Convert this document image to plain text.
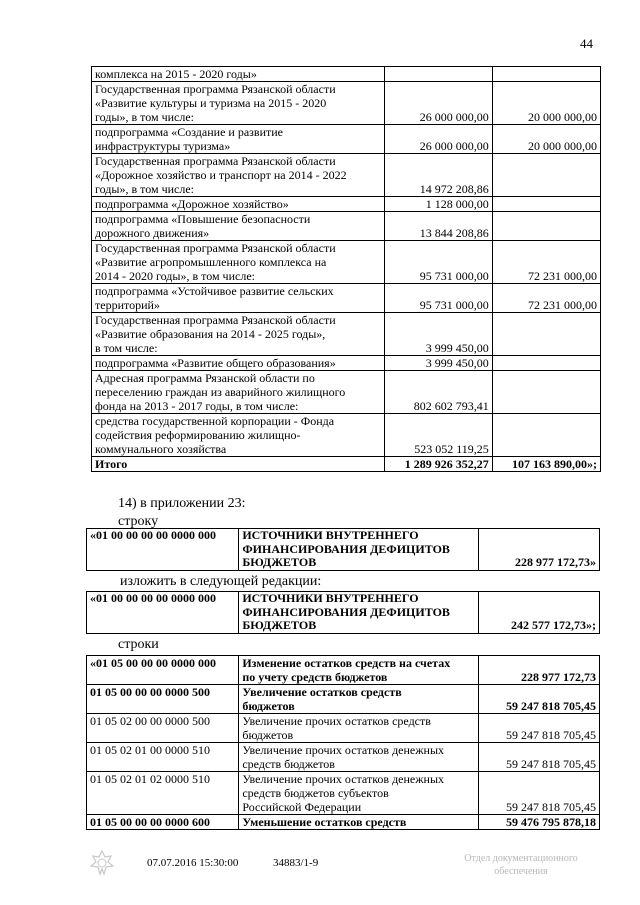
44
комплекса на 2015 - 2020 годы»		

Государственная программа Рязанской области
«Развитие культуры и туризма на 2015 - 2020
годы», в том числе:	26 000 000,00	20 000 000,00

подпрограмма «Создание и развитие
инфраструктуры туризма»	26 000 000,00	20 000 000,00

Государственная программа Рязанской области
«Дорожное хозяйство и транспорт на 2014 - 2022
годы», в том числе:	14 972 208,86	

подпрограмма «Дорожное хозяйство»	1 128 000,00	

подпрограмма «Повышение безопасности
дорожного движения»	13 844 208,86	

Государственная программа Рязанской области
«Развитие агропромышленного комплекса на
2014 - 2020 годы», в том числе:	95 731 000,00	72 231 000,00

подпрограмма «Устойчивое развитие сельских
территорий»	95 731 000,00	72 231 000,00

Государственная программа Рязанской области
«Развитие образования на 2014 - 2025 годы»,
в том числе:	3 999 450,00	

подпрограмма «Развитие общего образования»	3 999 450,00	

Адресная программа Рязанской области по
переселению граждан из аварийного жилищного
фонда на 2013 - 2017 годы, в том числе:	802 602 793,41	

средства государственной корпорации - Фонда
содействия реформированию жилищно-
коммунального хозяйства	523 052 119,25	
Итого	1 289 926 352,27	107 163 890,00»;
14) в приложении 23:
строку
«01 00 00 00 00 0000 000	ИСТОЧНИКИ ВНУТРЕННЕГО
ФИНАНСИРОВАНИЯ ДЕФИЦИТОВ
БЮДЖЕТОВ	228 977 172,73»
изложить в следующей редакции:
«01 00 00 00 00 0000 000	ИСТОЧНИКИ ВНУТРЕННЕГО
ФИНАНСИРОВАНИЯ ДЕФИЦИТОВ
БЮДЖЕТОВ	242 577 172,73»;
строки
«01 05 00 00 00 0000 000	Изменение остатков средств на счетах
по учету средств бюджетов	228 977 172,73
01 05 00 00 00 0000 500	Увеличение остатков средств
бюджетов	59 247 818 705,45
01 05 02 00 00 0000 500	Увеличение прочих остатков средств
бюджетов	59 247 818 705,45
01 05 02 01 00 0000 510	Увеличение прочих остатков денежных
средств бюджетов	59 247 818 705,45
01 05 02 01 02 0000 510	Увеличение прочих остатков денежных
средств бюджетов субъектов
Российской Федерации	59 247 818 705,45
01 05 00 00 00 0000 600	Уменьшение остатков средств	59 476 795 878,18
07.07.2016 15:30:00	34883/1-9	Отдел документационного
обеспечения
